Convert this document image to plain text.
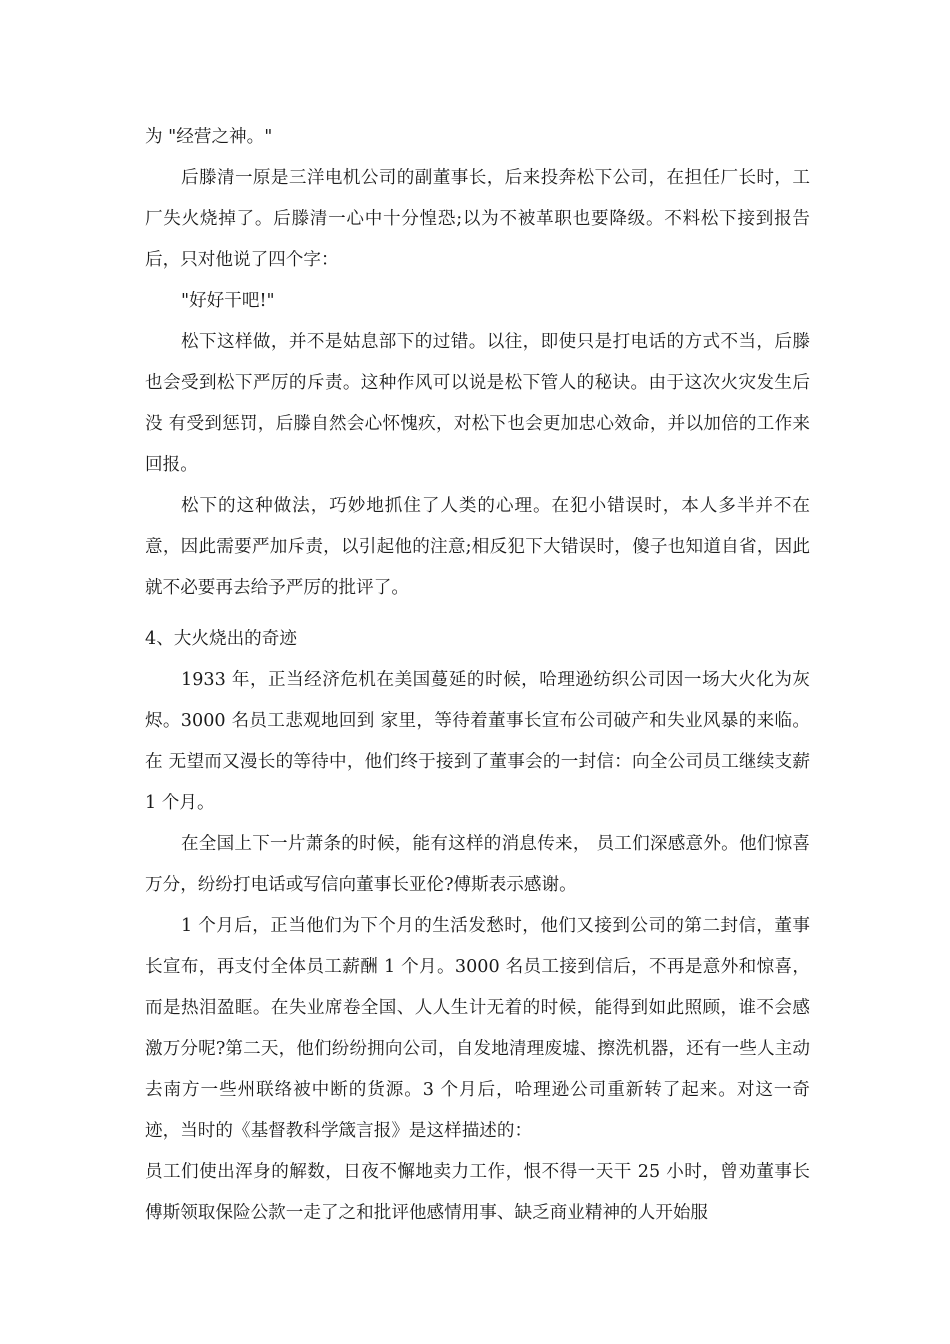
为 "经营之神。"

后滕清一原是三洋电机公司的副董事长，后来投奔松下公司，在担任厂长时，工厂失火烧掉了。后滕清一心中十分惶恐;以为不被革职也要降级。不料松下接到报告后，只对他说了四个字：

"好好干吧!"

松下这样做，并不是姑息部下的过错。以往，即使只是打电话的方式不当，后滕也会受到松下严厉的斥责。这种作风可以说是松下管人的秘诀。由于这次火灾发生后没 有受到惩罚，后滕自然会心怀愧疚，对松下也会更加忠心效命，并以加倍的工作来回报。

松下的这种做法，巧妙地抓住了人类的心理。在犯小错误时，本人多半并不在意，因此需要严加斥责，以引起他的注意;相反犯下大错误时，傻子也知道自省，因此就不必要再去给予严厉的批评了。

4、大火烧出的奇迹

1933 年，正当经济危机在美国蔓延的时候，哈理逊纺织公司因一场大火化为灰烬。3000 名员工悲观地回到 家里，等待着董事长宣布公司破产和失业风暴的来临。在 无望而又漫长的等待中，他们终于接到了董事会的一封信：向全公司员工继续支薪 1 个月。

在全国上下一片萧条的时候，能有这样的消息传来， 员工们深感意外。他们惊喜万分，纷纷打电话或写信向董事长亚伦?傅斯表示感谢。

1 个月后，正当他们为下个月的生活发愁时，他们又接到公司的第二封信，董事长宣布，再支付全体员工薪酬 1 个月。3000 名员工接到信后，不再是意外和惊喜，而是热泪盈眶。在失业席卷全国、人人生计无着的时候，能得到如此照顾，谁不会感激万分呢?第二天，他们纷纷拥向公司，自发地清理废墟、擦洗机器，还有一些人主动去南方一些州联络被中断的货源。3 个月后，哈理逊公司重新转了起来。对这一奇迹，当时的《基督教科学箴言报》是这样描述的：

员工们使出浑身的解数，日夜不懈地卖力工作，恨不得一天干 25 小时，曾劝董事长傅斯领取保险公款一走了之和批评他感情用事、缺乏商业精神的人开始服
